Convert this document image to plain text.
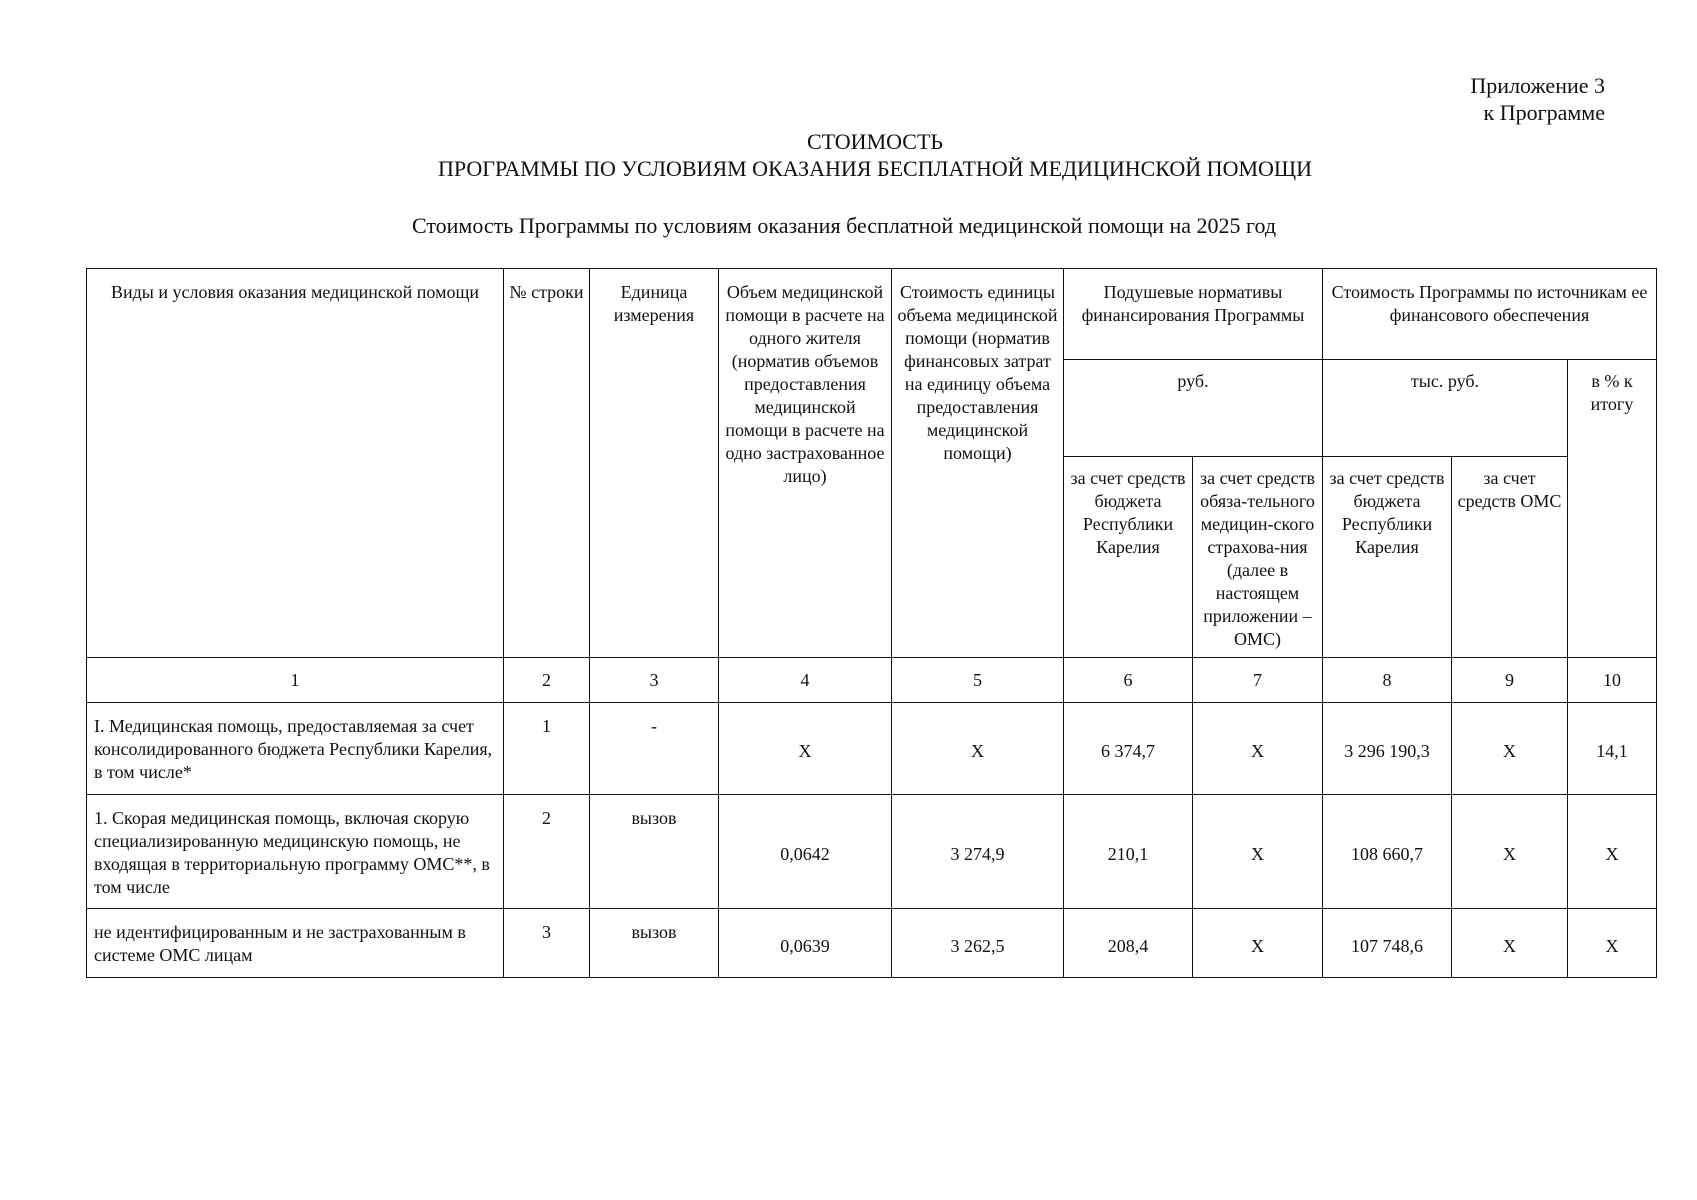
Приложение 3
к Программе
СТОИМОСТЬ
ПРОГРАММЫ ПО УСЛОВИЯМ ОКАЗАНИЯ БЕСПЛАТНОЙ МЕДИЦИНСКОЙ ПОМОЩИ
Стоимость Программы по условиям оказания бесплатной медицинской помощи на 2025 год
Виды и условия оказания медицинской помощи	№ строки	Единица измерения	Объем медицинской помощи в расчете на одного жителя (норматив объемов предоставления медицинской помощи в расчете на одно застрахованное лицо)	Стоимость единицы объема медицинской помощи (норматив финансовых затрат на единицу объема предоставления медицинской помощи)	Подушевые нормативы финансирования Программы		Стоимость Программы по источникам ее финансового обеспечения		
					руб.		тыс. руб.		в % к итогу
					за счет средств бюджета Республики Карелия	за счет средств обяза-тельного медицин-ского страхова-ния (далее в настоящем приложении – ОМС)	за счет средств бюджета Республики Карелия	за счет средств ОМС	
1	2	3	4	5	6	7	8	9	10
I. Медицинская помощь, предоставляемая за счет консолидированного бюджета Республики Карелия, в том числе*	1	-	X	X	6 374,7	X	3 296 190,3	X	14,1
1. Скорая медицинская помощь, включая скорую специализированную медицинскую помощь, не входящая в территориальную программу ОМС**, в том числе	2	вызов	0,0642	3 274,9	210,1	X	108 660,7	X	X
не идентифицированным и не застрахованным в системе ОМС лицам	3	вызов	0,0639	3 262,5	208,4	X	107 748,6	X	X
